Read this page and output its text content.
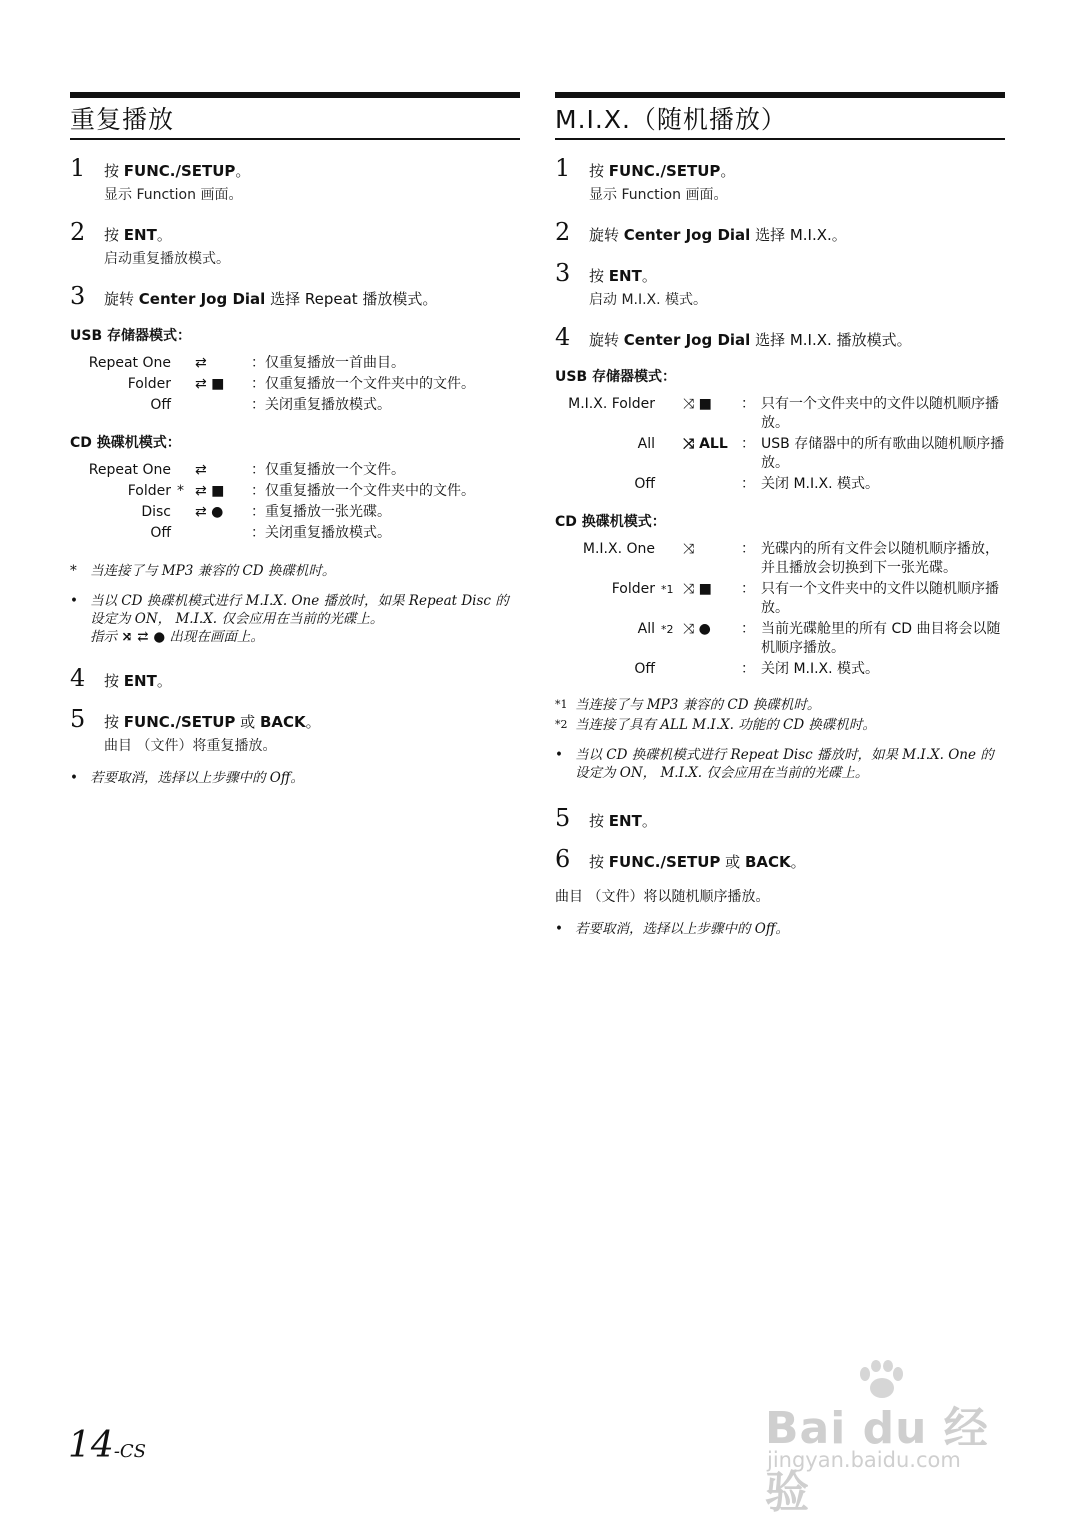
重复播放
1	按 FUNC./SETUP。
显示 Function 画面。
2	按 ENT。
启动重复播放模式。
3	旋转 Center Jog Dial 选择 Repeat 播放模式。
USB 存储器模式：
Repeat One		⇄	：仅重复播放一首曲目。
Folder		⇄ ■	：仅重复播放一个文件夹中的文件。
Off			：关闭重复播放模式。
CD 换碟机模式：
Repeat One		⇄	：仅重复播放一个文件。
Folder	*	⇄ ■	：仅重复播放一个文件夹中的文件。
Disc		⇄ ●	：重复播放一张光碟。
Off			：关闭重复播放模式。
* 当连接了与 MP3 兼容的 CD 换碟机时。
• 当以 CD 换碟机模式进行 M.I.X. One 播放时，如果 Repeat Disc 的设定为 ON， M.I.X. 仅会应用在当前的光碟上。
指示 ⤨ ⇄ ● 出现在画面上。
4	按 ENT。
5	按 FUNC./SETUP 或 BACK。
曲目 （文件）将重复播放。
• 若要取消，选择以上步骤中的 Off。
M.I.X.（随机播放）
1	按 FUNC./SETUP。
显示 Function 画面。
2	旋转 Center Jog Dial 选择 M.I.X.。
3	按 ENT。
启动 M.I.X. 模式。
4	旋转 Center Jog Dial 选择 M.I.X. 播放模式。
USB 存储器模式：
M.I.X. Folder		⤨ ■	：	只有一个文件夹中的文件以随机顺序播放。
All		⤨ ALL	：	USB 存储器中的所有歌曲以随机顺序播放。
Off			：	关闭 M.I.X. 模式。
CD 换碟机模式：
M.I.X. One		⤨	：	光碟内的所有文件会以随机顺序播放，并且播放会切换到下一张光碟。
Folder	*1	⤨ ■	：	只有一个文件夹中的文件以随机顺序播放。
All	*2	⤨ ●	：	当前光碟舱里的所有 CD 曲目将会以随机顺序播放。
Off			：	关闭 M.I.X. 模式。
*1 当连接了与 MP3 兼容的 CD 换碟机时。
*2 当连接了具有 ALL M.I.X. 功能的 CD 换碟机时。
• 当以 CD 换碟机模式进行 Repeat Disc 播放时，如果 M.I.X. One 的设定为 ON， M.I.X. 仅会应用在当前的光碟上。
5	按 ENT。
6	按 FUNC./SETUP 或 BACK。
曲目 （文件）将以随机顺序播放。
• 若要取消，选择以上步骤中的 Off。
14-CS	Bai du 经验
jingyan.baidu.com
